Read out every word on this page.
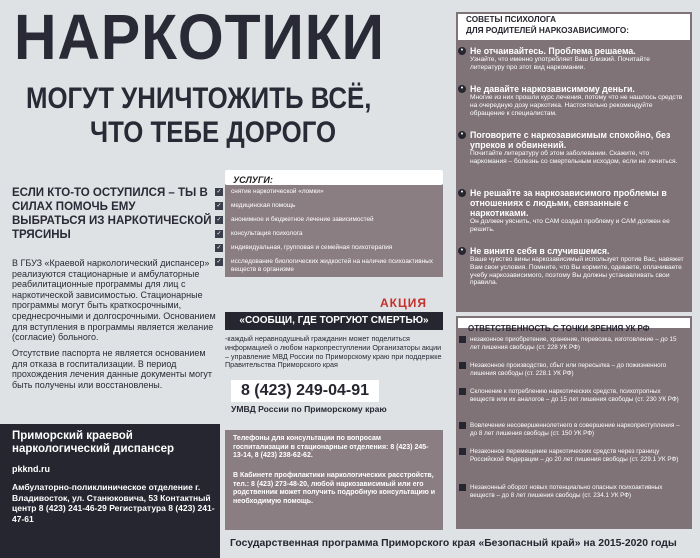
НАРКОТИКИ
МОГУТ УНИЧТОЖИТЬ ВСЁ,
ЧТО ТЕБЕ ДОРОГО
ЕСЛИ КТО-ТО ОСТУПИЛСЯ – ТЫ В СИЛАХ ПОМОЧЬ ЕМУ ВЫБРАТЬСЯ ИЗ НАРКОТИЧЕСКОЙ ТРЯСИНЫ
В ГБУЗ «Краевой наркологический диспансер» реализуются стационарные и амбулаторные реабилитационные программы для лиц с наркотической зависимостью. Стационарные программы могут быть краткосрочными, среднесрочными и долгосрочными. Основанием для вступления в программы является желание (согласие) больного.
Отсутствие паспорта не является основанием для отказа в госпитализации. В период прохождения лечения данные документы могут быть получены или восстановлены.
✓ снятие наркотической «ломки»
✓ медицинская помощь
✓ анонимное и бюджетное лечение зависимостей
✓ консультация психолога
✓ индивидуальная, групповая и семейная психотерапия
✓ исследование биологических жидкостей на наличие психоактивных веществ в организме
УСЛУГИ:
АКЦИЯ
«СООБЩИ, ГДЕ ТОРГУЮТ СМЕРТЬЮ»
-каждый неравнодушный гражданин может поделиться информацией о любом наркопреступлении Организаторы акции – управление МВД России по Приморскому краю при поддержке Правительства Приморского края
8 (423) 249-04-91
УМВД России по Приморскому краю
Телефоны для консультации по вопросам госпитализации в стационарные отделения: 8 (423) 245-13-14, 8 (423) 238-62-62.
В Кабинете профилактики наркологических расстройств, тел.: 8 (423) 273-48-20, любой наркозависимый или его родственник может получить подробную консультацию и необходимую помощь.
Приморский краевой наркологический диспансер
pkknd.ru
Амбулаторно-поликлиническое отделение г. Владивосток, ул. Станюковича, 53 Контактный центр 8 (423) 241-46-29 Регистратура 8 (423) 241-47-61
СОВЕТЫ ПСИХОЛОГА
ДЛЯ РОДИТЕЛЕЙ НАРКОЗАВИСИМОГО:
• Не отчаивайтесь. Проблема решаема.
Узнайте, что именно употребляет Ваш близкий. Почитайте литературу про этот вид наркомании.
• Не давайте наркозависимому деньги.
Многие из них прошли курс лечения, потому что не нашлось средств на очередную дозу наркотика. Настоятельно рекомендуйте обращение к специалистам.
• Поговорите с наркозависимым спокойно, без упреков и обвинений.
Почитайте литературу об этом заболевании. Скажите, что наркомания – болезнь со смертельным исходом, если не лечиться.
• Не решайте за наркозависимого проблемы в отношениях с людьми, связанные с наркотиками.
Он должен уяснить, что САМ создал проблему и САМ должен ее решить.
• Не вините себя в случившемся.
Ваше чувство вины наркозависимый использует против Вас, навяжет Вам свои условия. Помните, что Вы кормите, одеваете, оплачиваете учебу наркозависимого, поэтому Вы должны устанавливать свои правила.
ОТВЕТСТВЕННОСТЬ С ТОЧКИ ЗРЕНИЯ УК РФ
незаконное приобретение, хранение, перевозка, изготовление – до 15 лет лишения свободы (ст. 228 УК РФ)
Незаконное производство, сбыт или пересылка – до пожизненного лишения свободы (ст. 228.1 УК РФ)
Склонение к потреблению наркотических средств, психотропных веществ или их аналогов – до 15 лет лишения свободы (ст. 230 УК РФ)
Вовлечение несовершеннолетнего в совершение наркопреступления – до 8 лет лишения свободы (ст. 150 УК РФ)
Незаконное перемещение наркотических средств через границу Российской Федерации – до 20 лет лишения свободы (ст. 229.1 УК РФ)
Незаконный оборот новых потенциально опасных психоактивных веществ – до 8 лет лишения свободы (ст. 234.1 УК РФ)
Государственная программа Приморского края «Безопасный край» на 2015-2020 годы
